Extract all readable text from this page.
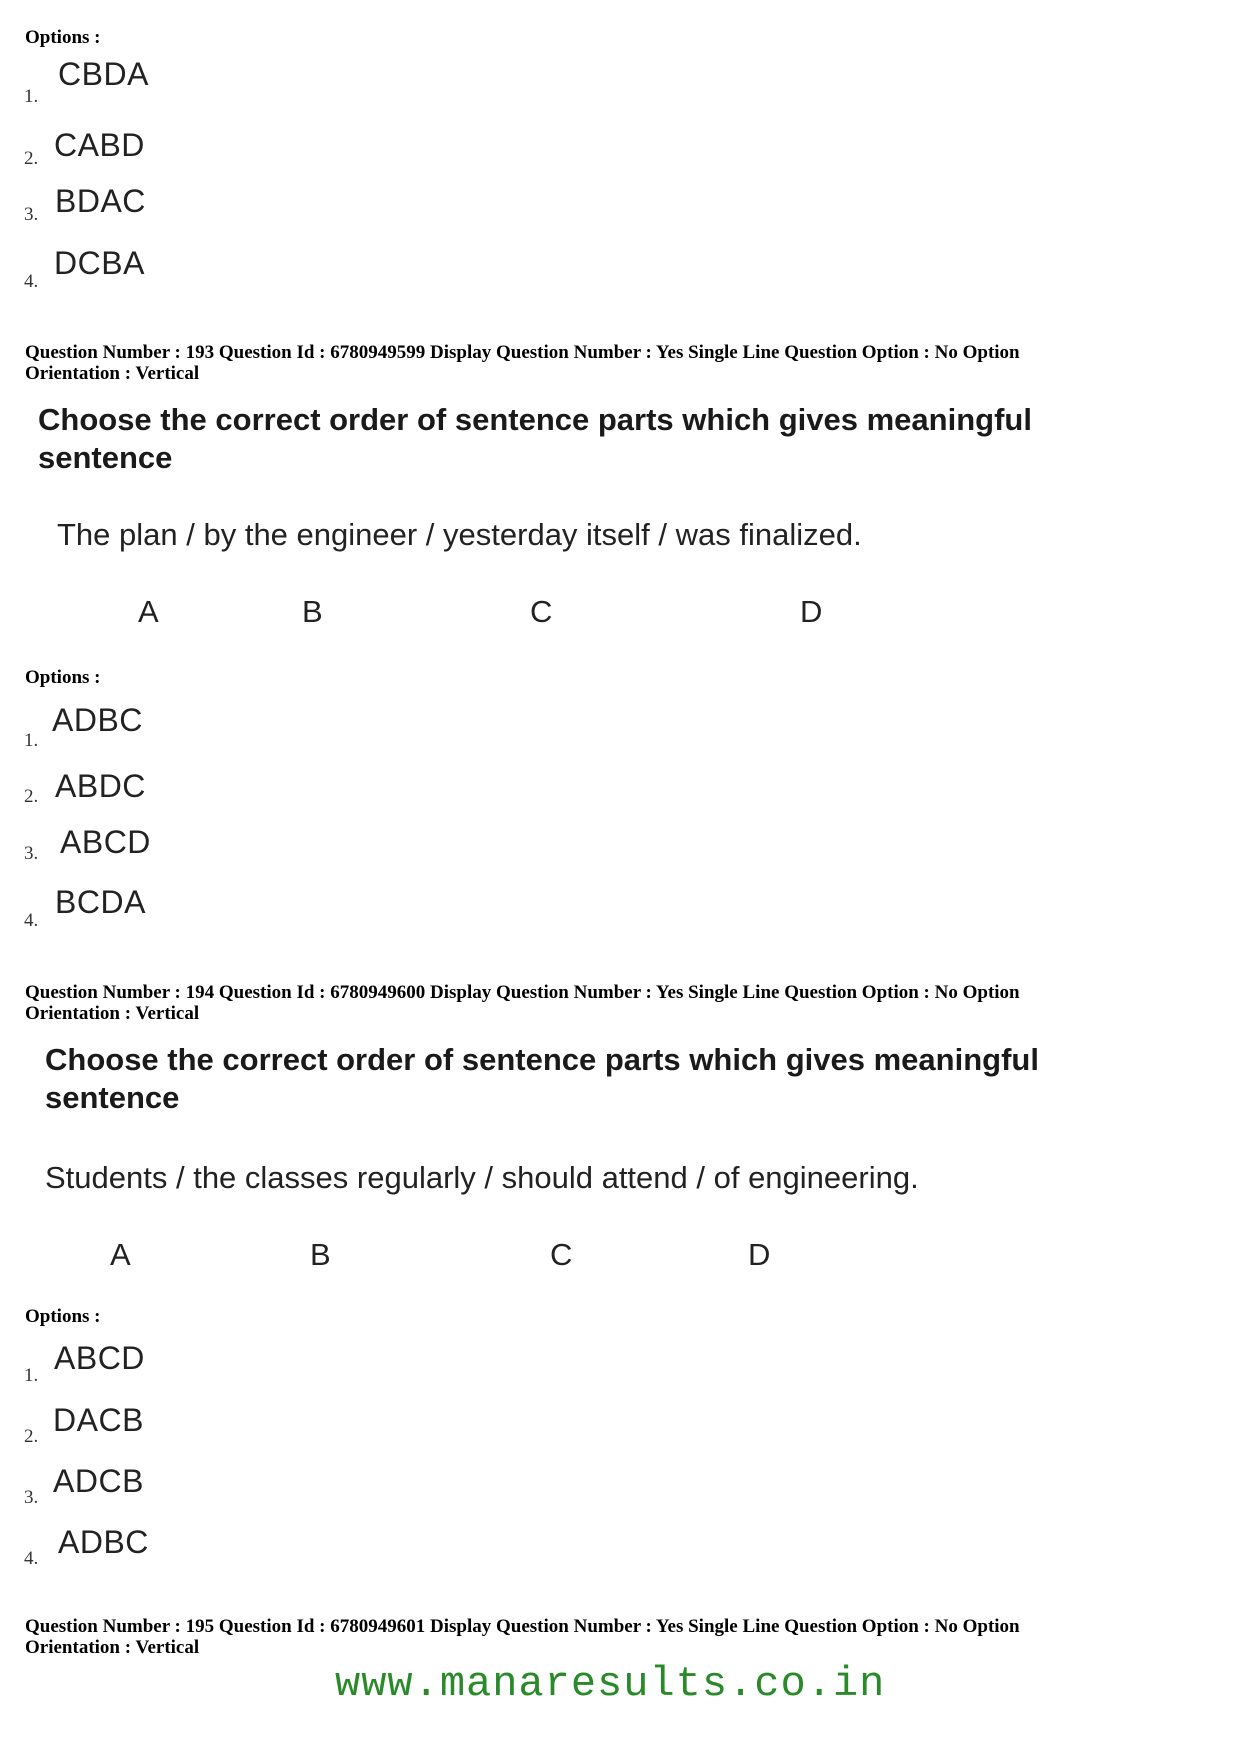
Options :
1.
CBDA
2. CABD
3. BDAC
4.
DCBA
Question Number : 193 Question Id : 6780949599 Display Question Number : Yes Single Line Question Option : No Option
Orientation : Vertical
Choose the correct order of sentence parts which gives meaningful
sentence
The plan / by the engineer / yesterday itself / was finalized.
A	B	C	D
Options :
1.
ADBC
2. ABDC
3. ABCD
4.
BCDA
Question Number : 194 Question Id : 6780949600 Display Question Number : Yes Single Line Question Option : No Option
Orientation : Vertical
Choose the correct order of sentence parts which gives meaningful
sentence
Students / the classes regularly / should attend / of engineering.
A	B	C	D
Options :
1. ABCD
2. DACB
3. ADCB
4. ADBC
Question Number : 195 Question Id : 6780949601 Display Question Number : Yes Single Line Question Option : No Option
Orientation : Vertical
www.manaresults.co.in
